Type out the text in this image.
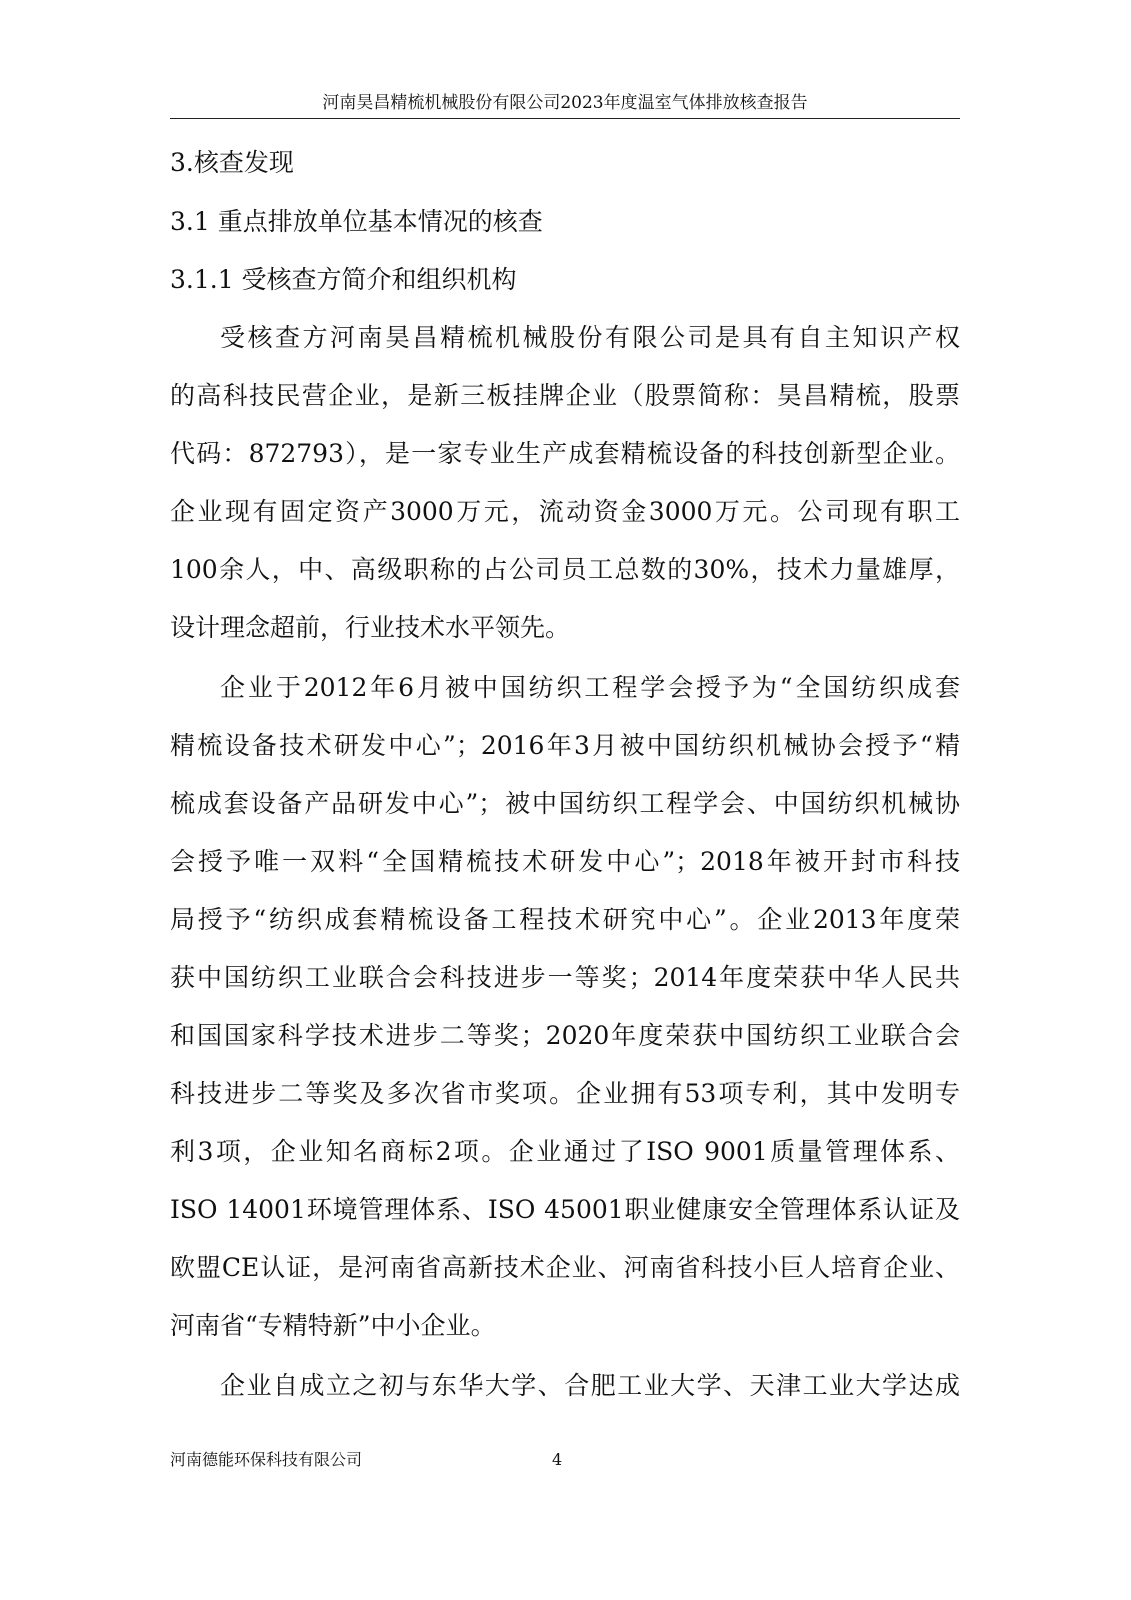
河南昊昌精梳机械股份有限公司2023年度温室气体排放核查报告
3.核查发现
3.1 重点排放单位基本情况的核查
3.1.1 受核查方简介和组织机构
受核查方河南昊昌精梳机械股份有限公司是具有自主知识产权
的高科技民营企业，是新三板挂牌企业（股票简称：昊昌精梳，股票
代码：872793），是一家专业生产成套精梳设备的科技创新型企业。
企业现有固定资产3000万元，流动资金3000万元。公司现有职工
100余人，中、高级职称的占公司员工总数的30%，技术力量雄厚，
设计理念超前，行业技术水平领先。
企业于2012年6月被中国纺织工程学会授予为“全国纺织成套
精梳设备技术研发中心”；2016年3月被中国纺织机械协会授予“精
梳成套设备产品研发中心”；被中国纺织工程学会、中国纺织机械协
会授予唯一双料“全国精梳技术研发中心”；2018年被开封市科技
局授予“纺织成套精梳设备工程技术研究中心”。企业2013年度荣
获中国纺织工业联合会科技进步一等奖；2014年度荣获中华人民共
和国国家科学技术进步二等奖；2020年度荣获中国纺织工业联合会
科技进步二等奖及多次省市奖项。企业拥有53项专利，其中发明专
利3项，企业知名商标2项。企业通过了ISO 9001质量管理体系、
ISO 14001环境管理体系、ISO 45001职业健康安全管理体系认证及
欧盟CE认证，是河南省高新技术企业、河南省科技小巨人培育企业、
河南省“专精特新”中小企业。
企业自成立之初与东华大学、合肥工业大学、天津工业大学达成
河南德能环保科技有限公司	4
